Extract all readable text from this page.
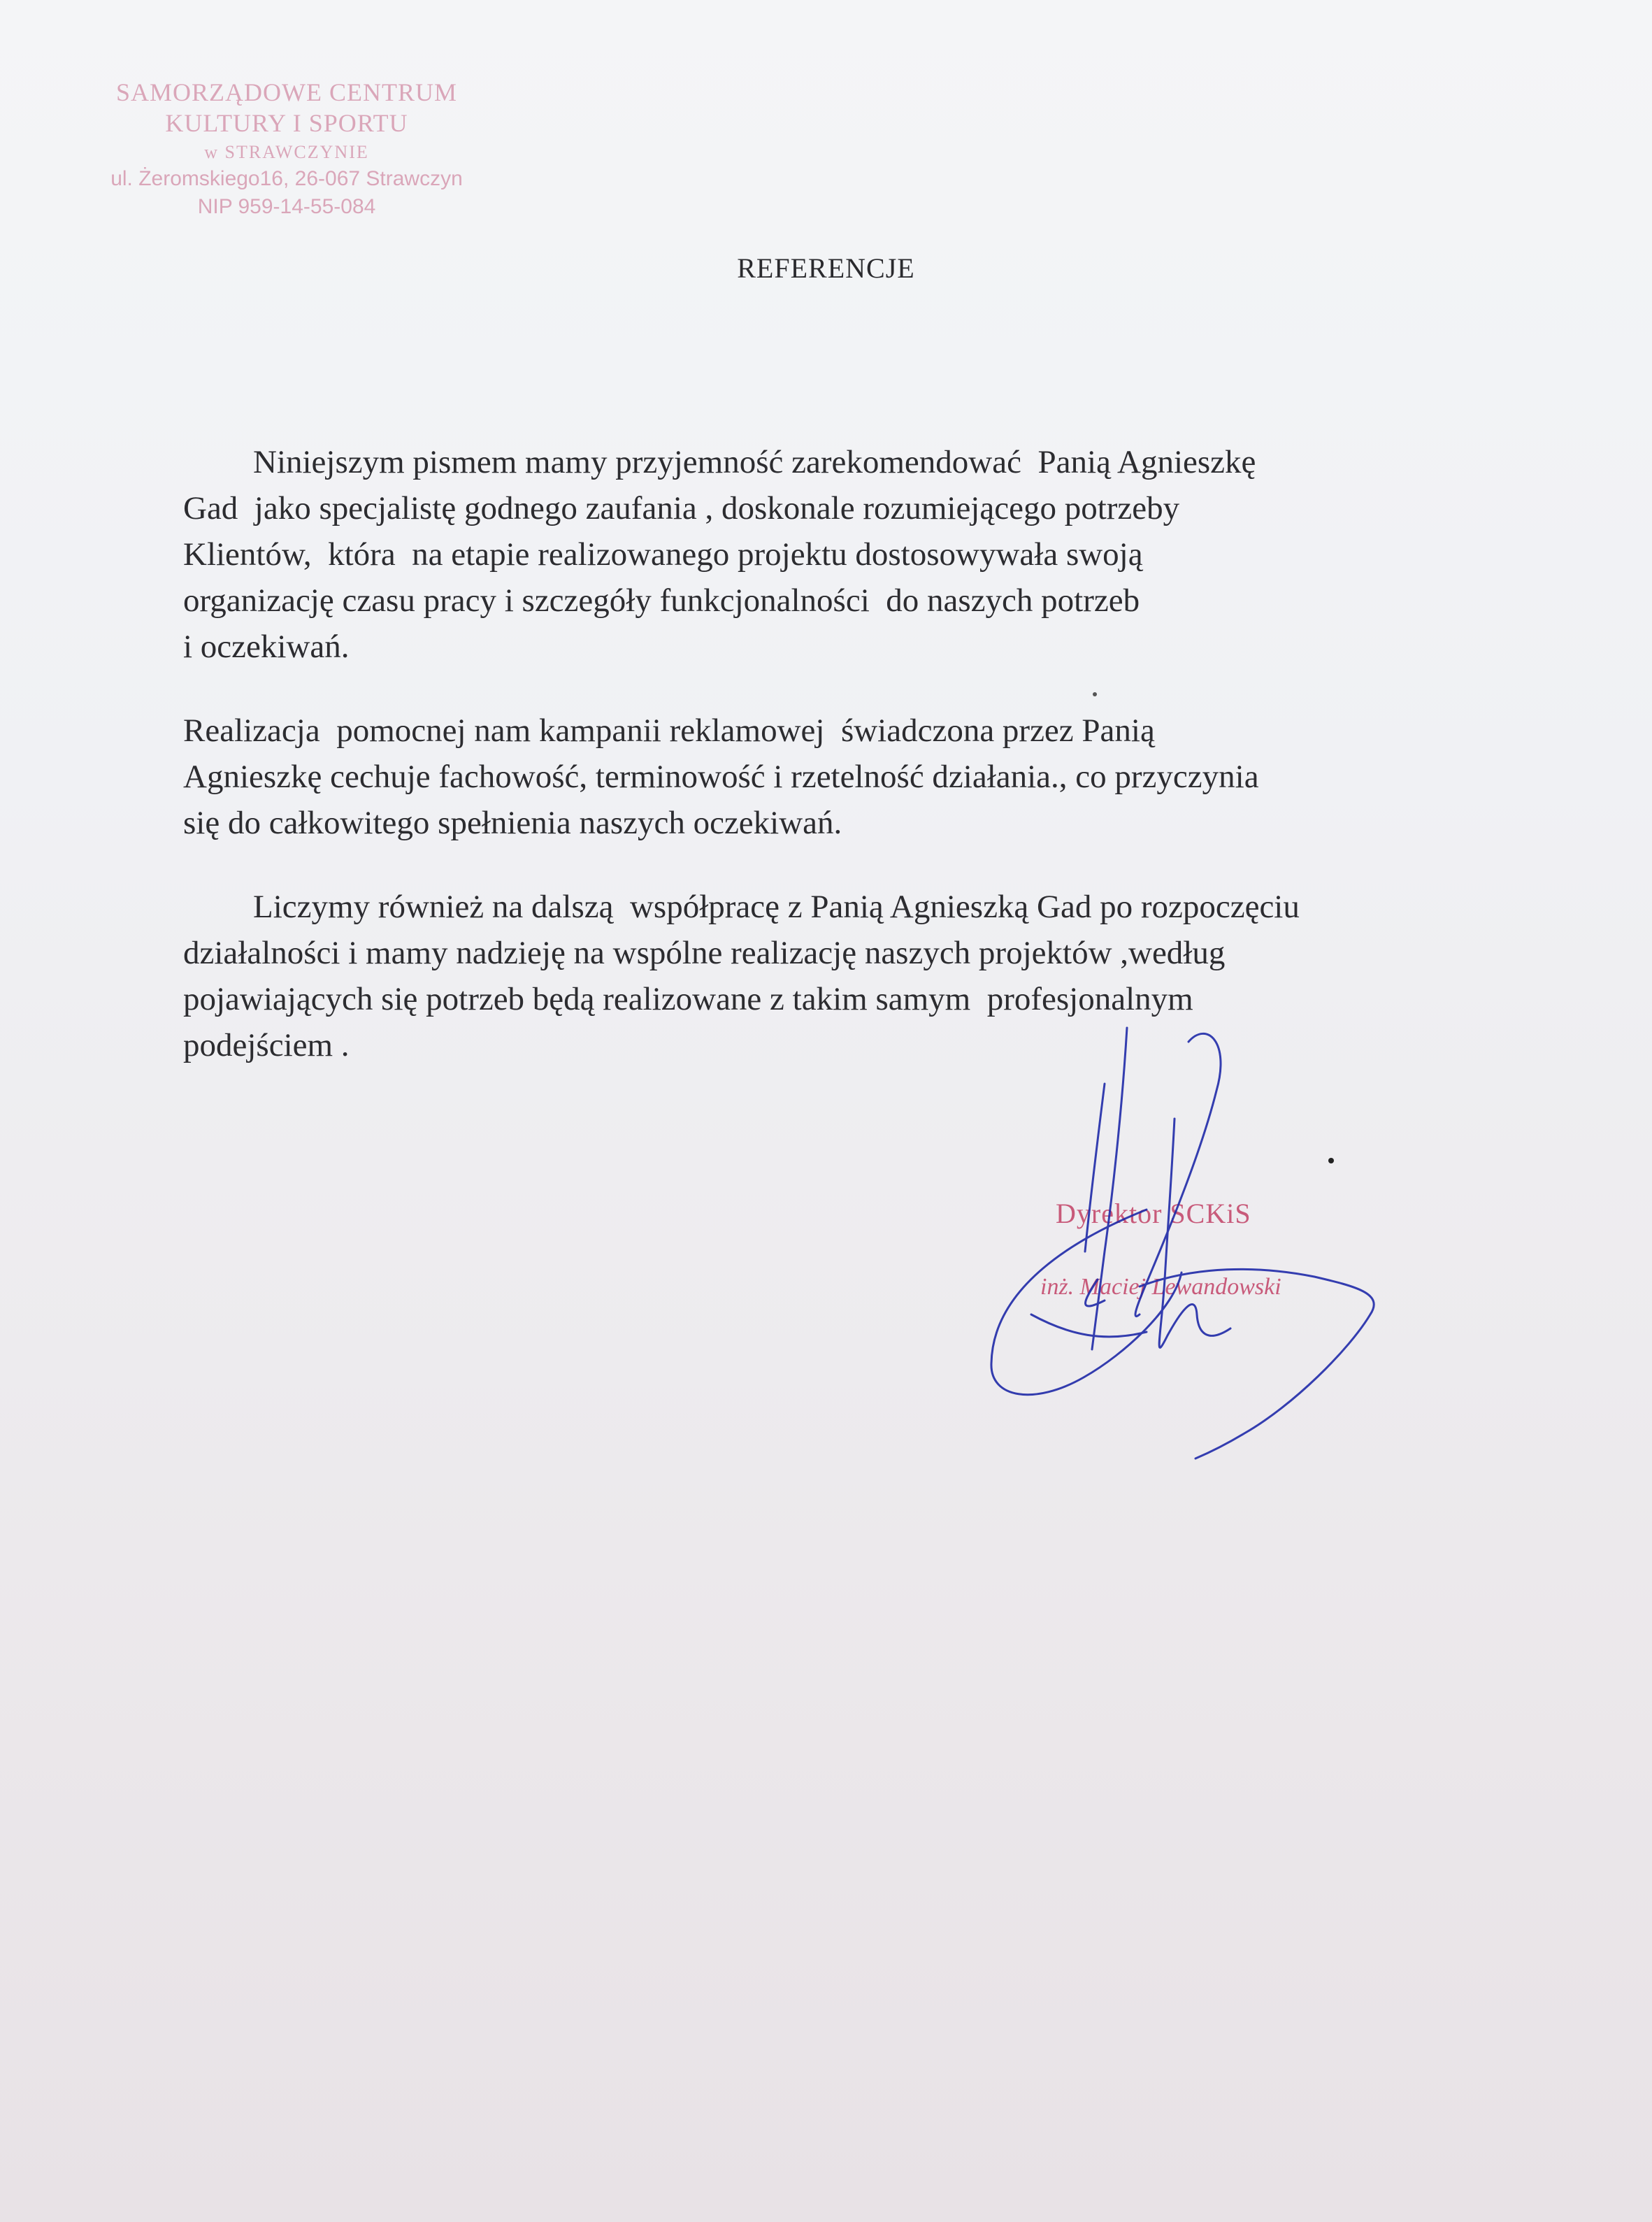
SAMORZĄDOWE CENTRUM
KULTURY I SPORTU
w STRAWCZYNIE
ul. Żeromskiego16, 26-067 Strawczyn
NIP 959-14-55-084
REFERENCJE
Niniejszym pismem mamy przyjemność zarekomendować  Panią Agnieszkę
Gad  jako specjalistę godnego zaufania , doskonale rozumiejącego potrzeby
Klientów,  która  na etapie realizowanego projektu dostosowywała swoją
organizację czasu pracy i szczegóły funkcjonalności  do naszych potrzeb
i oczekiwań.
Realizacja  pomocnej nam kampanii reklamowej  świadczona przez Panią
Agnieszkę cechuje fachowość, terminowość i rzetelność działania., co przyczynia
się do całkowitego spełnienia naszych oczekiwań.
Liczymy również na dalszą  współpracę z Panią Agnieszką Gad po rozpoczęciu
działalności i mamy nadzieję na wspólne realizację naszych projektów ,według
pojawiających się potrzeb będą realizowane z takim samym  profesjonalnym
podejściem .
Dyrektor SCKiS
inż. Maciej Lewandowski
